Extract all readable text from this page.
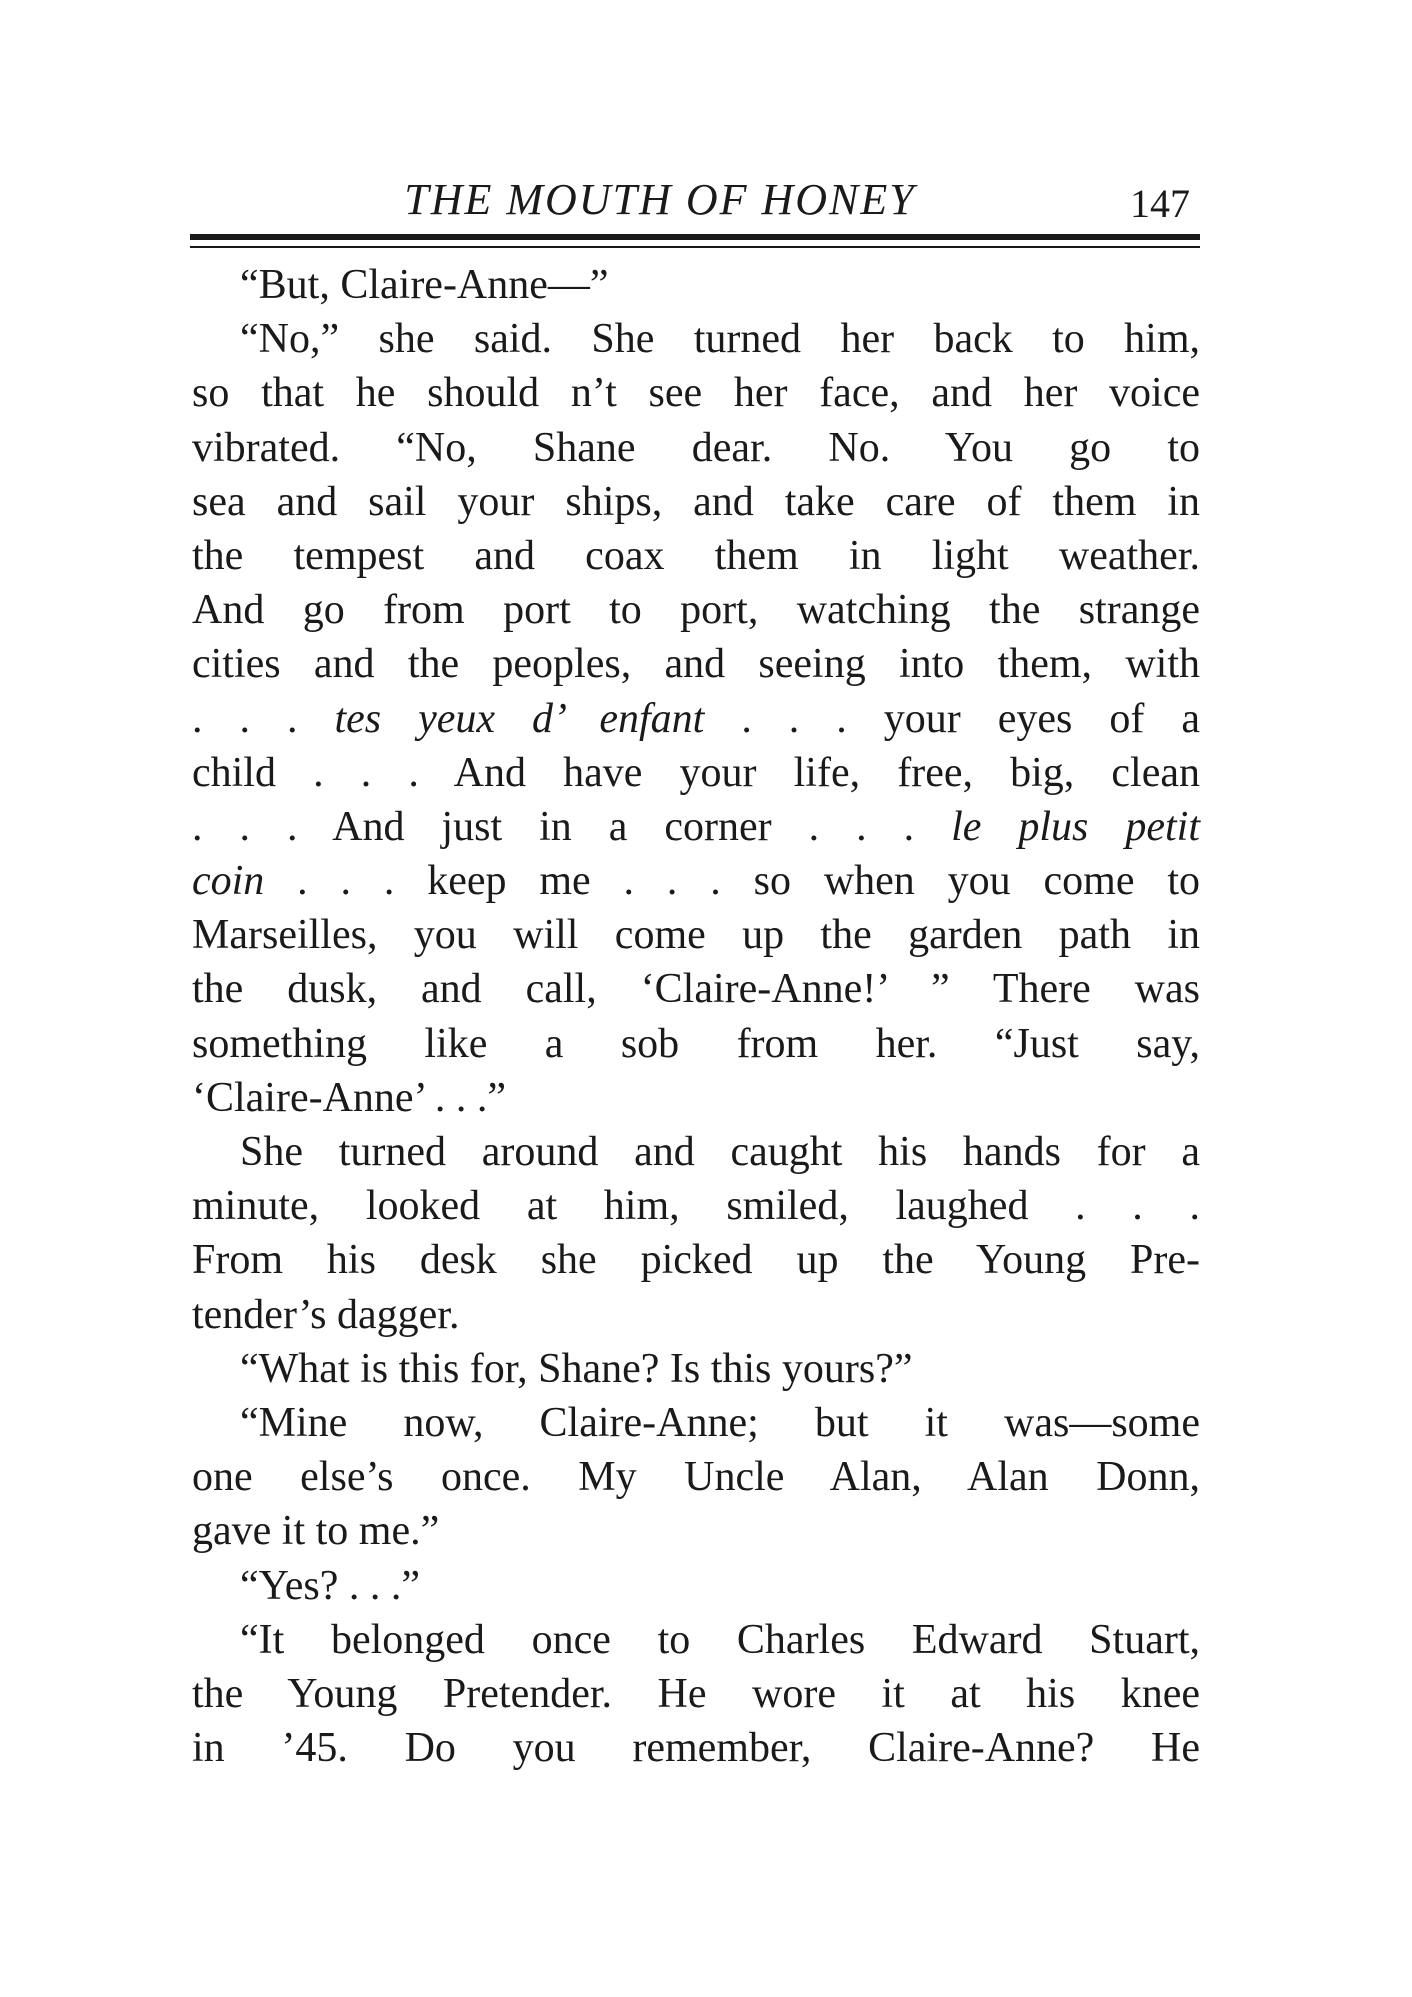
THE MOUTH OF HONEY	147
“But, Claire-Anne—”
“No,” she said. She turned her back to him,
so that he should n’t see her face, and her voice
vibrated. “No, Shane dear. No. You go to
sea and sail your ships, and take care of them in
the tempest and coax them in light weather.
And go from port to port, watching the strange
cities and the peoples, and seeing into them, with
. . . tes yeux d’ enfant . . . your eyes of a
child . . . And have your life, free, big, clean
. . . And just in a corner . . . le plus petit
coin . . . keep me . . . so when you come to
Marseilles, you will come up the garden path in
the dusk, and call, ‘Claire-Anne!’ ” There was
something like a sob from her. “Just say,
‘Claire-Anne’ . . .”
She turned around and caught his hands for a
minute, looked at him, smiled, laughed . . .
From his desk she picked up the Young Pre-
tender’s dagger.
“What is this for, Shane? Is this yours?”
“Mine now, Claire-Anne; but it was—some
one else’s once. My Uncle Alan, Alan Donn,
gave it to me.”
“Yes? . . .”
“It belonged once to Charles Edward Stuart,
the Young Pretender. He wore it at his knee
in ’45. Do you remember, Claire-Anne? He
